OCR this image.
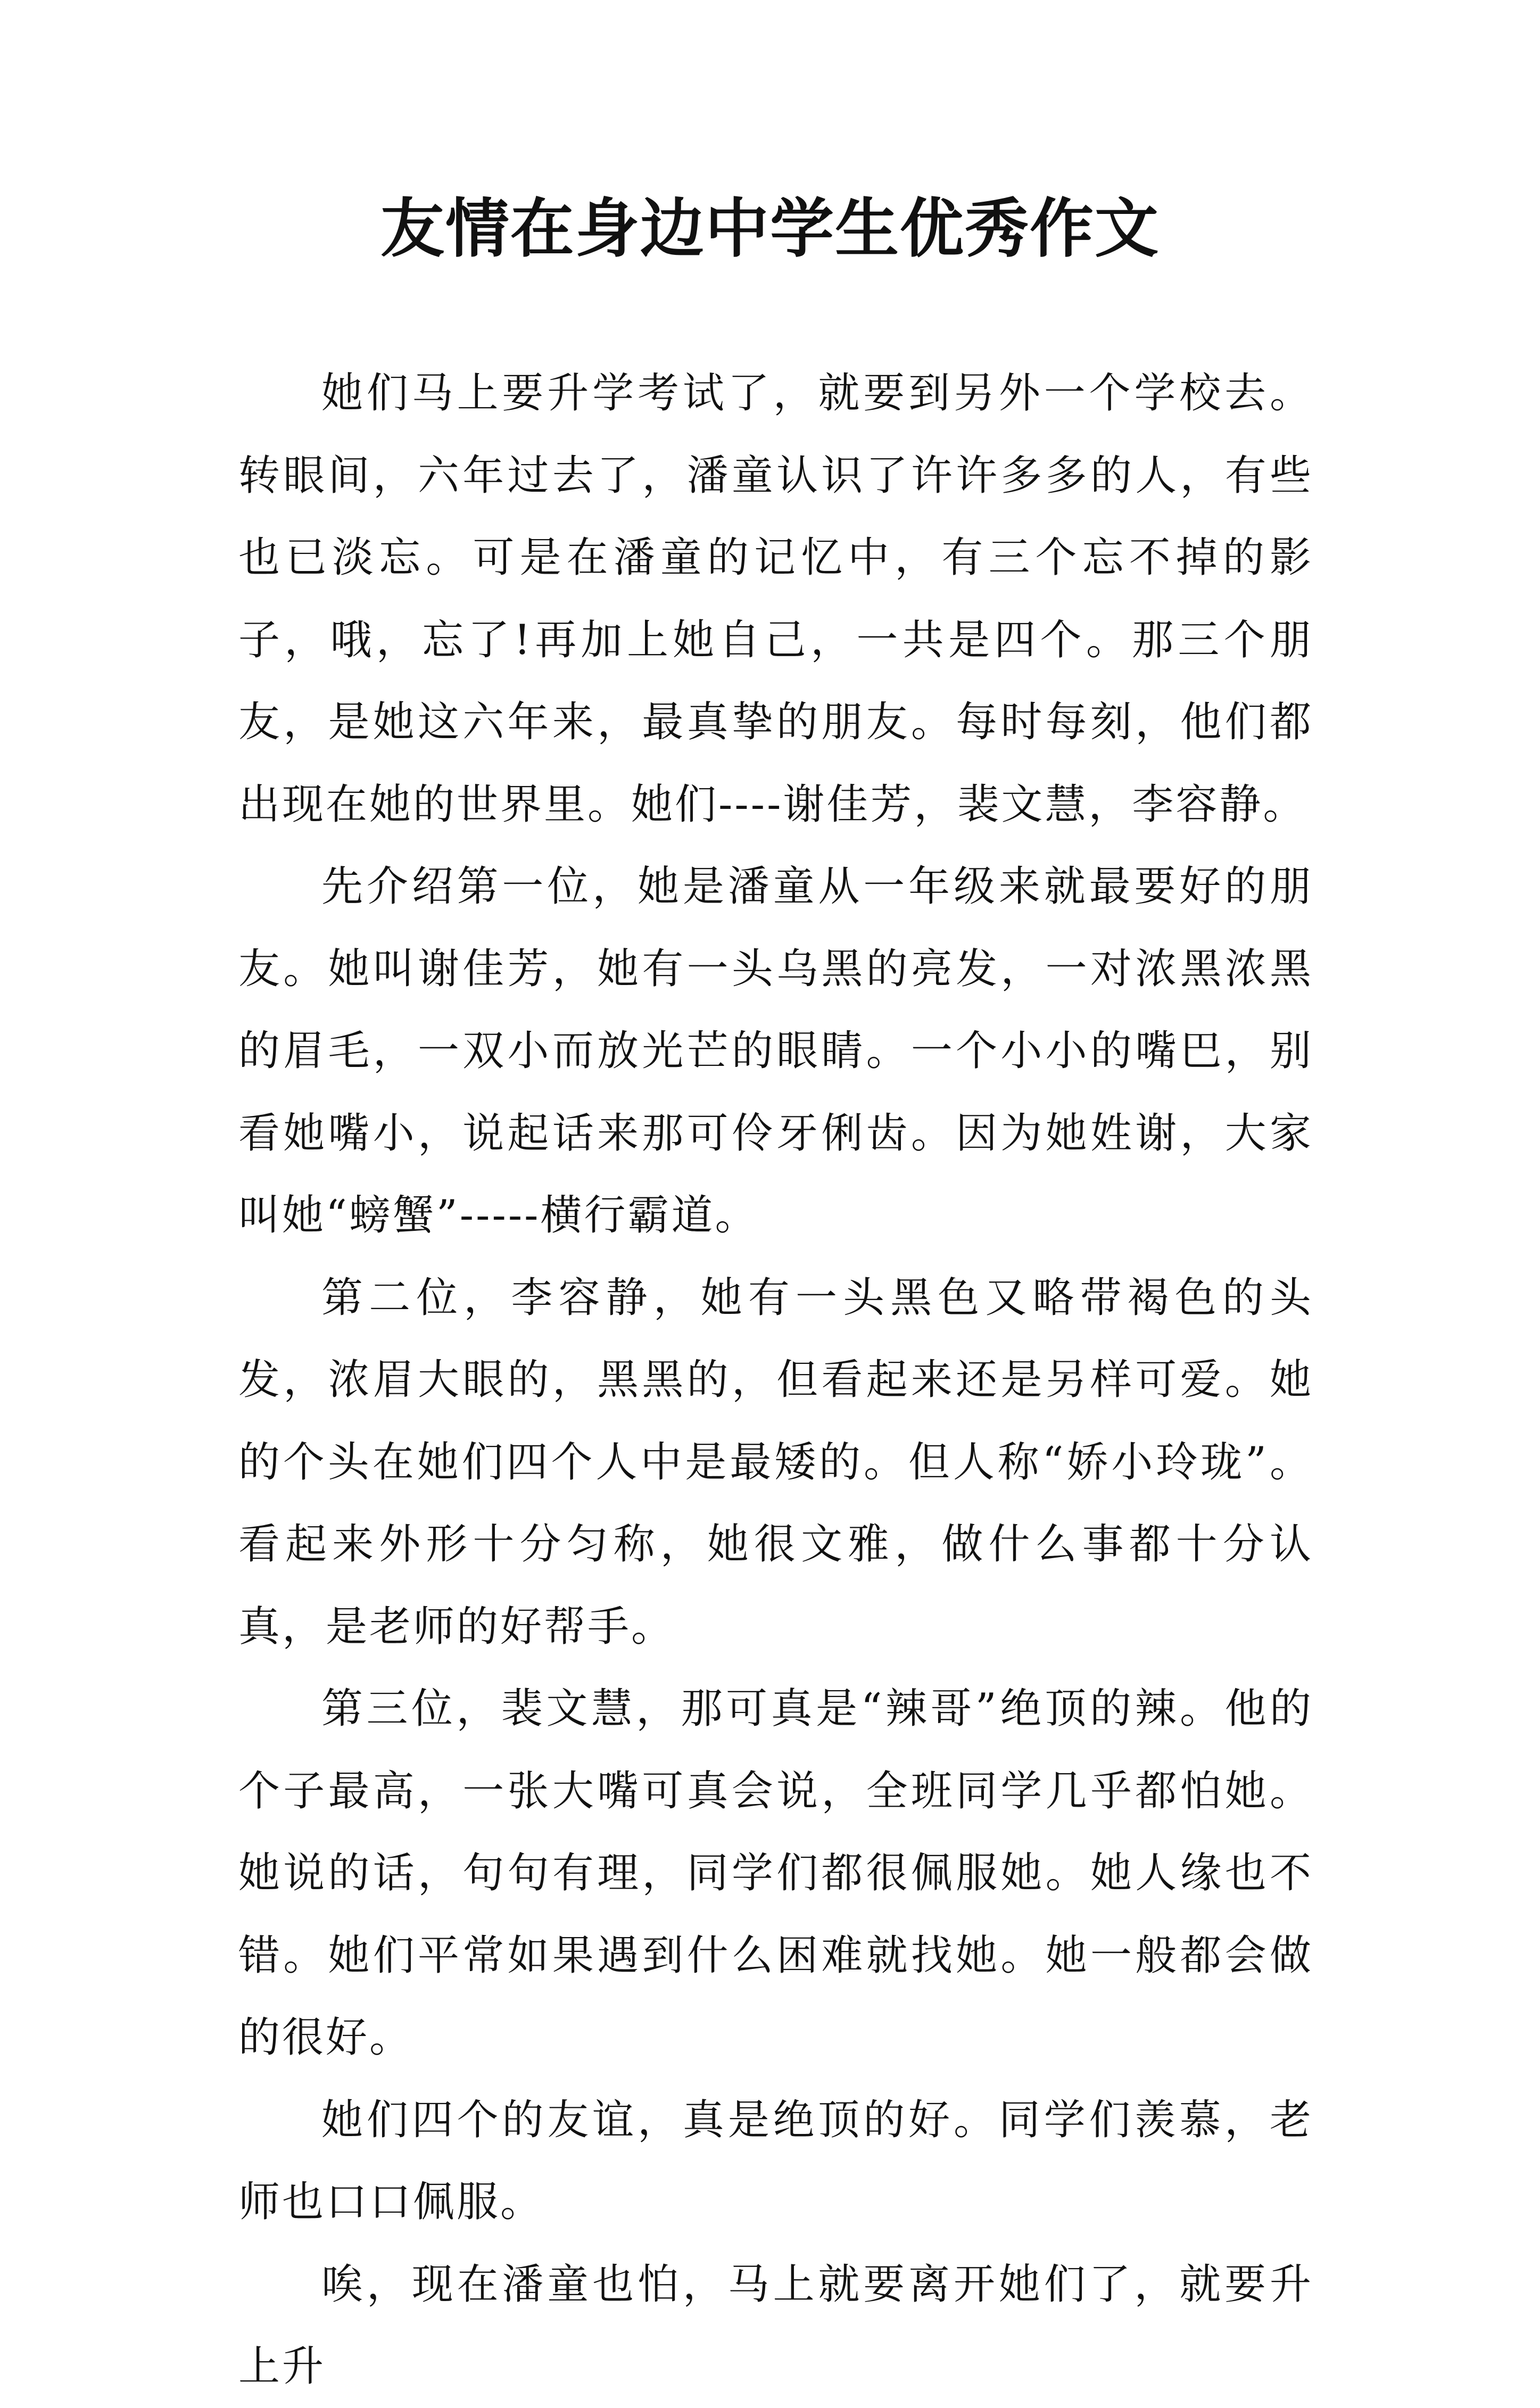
友情在身边中学生优秀作文

她们马上要升学考试了，就要到另外一个学校去。转眼间，六年过去了，潘童认识了许许多多的人，有些也已淡忘。可是在潘童的记忆中，有三个忘不掉的影子，哦，忘了!再加上她自己，一共是四个。那三个朋友，是她这六年来，最真挚的朋友。每时每刻，他们都出现在她的世界里。她们----谢佳芳，裴文慧，李容静。

先介绍第一位，她是潘童从一年级来就最要好的朋友。她叫谢佳芳，她有一头乌黑的亮发，一对浓黑浓黑的眉毛，一双小而放光芒的眼睛。一个小小的嘴巴，别看她嘴小，说起话来那可伶牙俐齿。因为她姓谢，大家叫她“螃蟹”-----横行霸道。

第二位，李容静，她有一头黑色又略带褐色的头发，浓眉大眼的，黑黑的，但看起来还是另样可爱。她的个头在她们四个人中是最矮的。但人称“娇小玲珑”。看起来外形十分匀称，她很文雅，做什么事都十分认真，是老师的好帮手。

第三位，裴文慧，那可真是“辣哥”绝顶的辣。他的个子最高，一张大嘴可真会说，全班同学几乎都怕她。她说的话，句句有理，同学们都很佩服她。她人缘也不错。她们平常如果遇到什么困难就找她。她一般都会做的很好。

她们四个的友谊，真是绝顶的好。同学们羡慕，老师也口口佩服。

唉，现在潘童也怕，马上就要离开她们了，就要升上升
